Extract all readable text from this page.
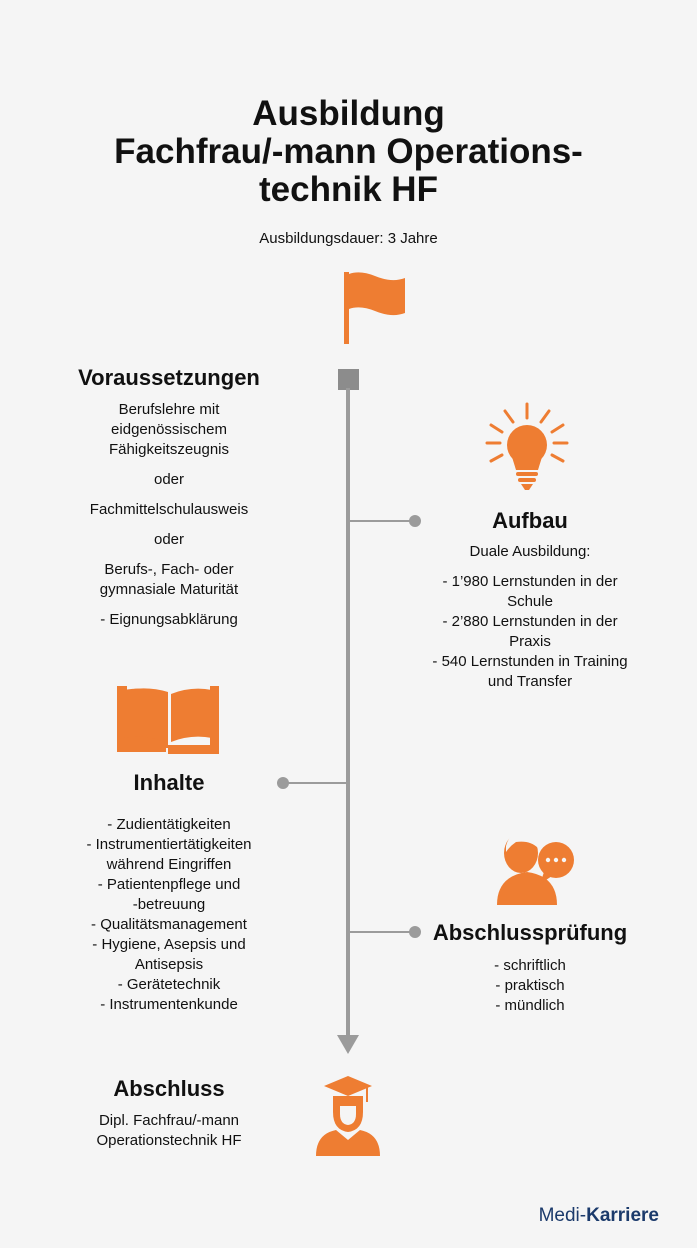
Ausbildung
Fachfrau/-mann Operations-
technik HF
Ausbildungsdauer: 3 Jahre
Voraussetzungen

Berufslehre mit

eidgenössischem

Fähigkeitszeugnis

oder

Fachmittelschulausweis

oder

Berufs-, Fach- oder

gymnasiale Maturität

- Eignungsabklärung

Aufbau

Duale Ausbildung:

- 1’980 Lernstunden in der

Schule

- 2’880 Lernstunden in der

Praxis

- 540 Lernstunden in Training

und Transfer

Inhalte

- Zudientätigkeiten

- Instrumentiertätigkeiten

während Eingriffen

- Patientenpflege und

-betreuung

- Qualitätsmanagement

- Hygiene, Asepsis und

Antisepsis

- Gerätetechnik

- Instrumentenkunde

Abschlussprüfung

- schriftlich

- praktisch

- mündlich

Abschluss

Dipl. Fachfrau/-mann

Operationstechnik HF

Medi-Karriere
